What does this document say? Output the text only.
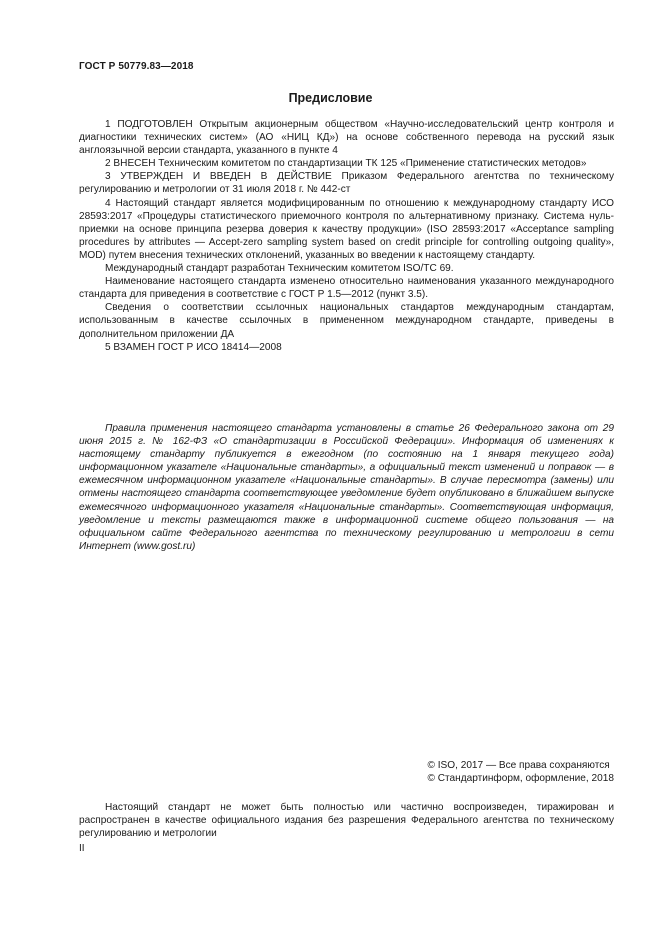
ГОСТ Р 50779.83—2018
Предисловие

1 ПОДГОТОВЛЕН Открытым акционерным обществом «Научно-исследовательский центр контроля и диагностики технических систем» (АО «НИЦ КД») на основе собственного перевода на русский язык англоязычной версии стандарта, указанного в пункте 4

2 ВНЕСЕН Техническим комитетом по стандартизации ТК 125 «Применение статистических методов»

3 УТВЕРЖДЕН И ВВЕДЕН В ДЕЙСТВИЕ Приказом Федерального агентства по техническому регулированию и метрологии от 31 июля 2018 г. № 442-ст

4 Настоящий стандарт является модифицированным по отношению к международному стандарту ИСО 28593:2017 «Процедуры статистического приемочного контроля по альтернативному признаку. Система нуль-приемки на основе принципа резерва доверия к качеству продукции» (ISO 28593:2017 «Acceptance sampling procedures by attributes — Accept-zero sampling system based on credit principle for controlling outgoing quality», MOD) путем внесения технических отклонений, указанных во введении к настоящему стандарту.

Международный стандарт разработан Техническим комитетом ISO/TC 69.

Наименование настоящего стандарта изменено относительно наименования указанного международного стандарта для приведения в соответствие с ГОСТ Р 1.5—2012 (пункт 3.5).

Сведения о соответствии ссылочных национальных стандартов международным стандартам, использованным в качестве ссылочных в примененном международном стандарте, приведены в дополнительном приложении ДА

5 ВЗАМЕН ГОСТ Р ИСО 18414—2008

Правила применения настоящего стандарта установлены в статье 26 Федерального закона от 29 июня 2015 г. № 162-ФЗ «О стандартизации в Российской Федерации». Информация об изменениях к настоящему стандарту публикуется в ежегодном (по состоянию на 1 января текущего года) информационном указателе «Национальные стандарты», а официальный текст изменений и поправок — в ежемесячном информационном указателе «Национальные стандарты». В случае пересмотра (замены) или отмены настоящего стандарта соответствующее уведомление будет опубликовано в ближайшем выпуске ежемесячного информационного указателя «Национальные стандарты». Соответствующая информация, уведомление и тексты размещаются также в информационной системе общего пользования — на официальном сайте Федерального агентства по техническому регулированию и метрологии в сети Интернет (www.gost.ru)

© ISO, 2017 — Все права сохраняются
© Стандартинформ, оформление, 2018

Настоящий стандарт не может быть полностью или частично воспроизведен, тиражирован и распространен в качестве официального издания без разрешения Федерального агентства по техническому регулированию и метрологии

II
